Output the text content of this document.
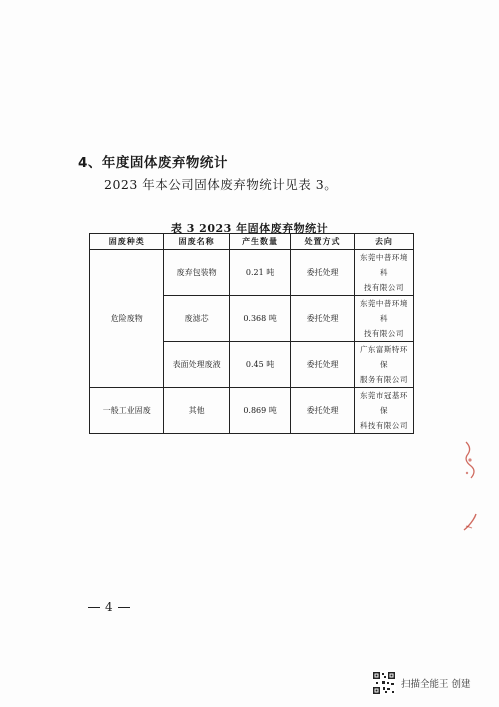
4、年度固体废弃物统计
2023 年本公司固体废弃物统计见表 3。
表 3 2023 年固体废弃物统计
固废种类	固废名称	产生数量	处置方式	去向
危险废物	废弃包装物	0.21 吨	委托处理	东莞中普环境科
技有限公司
	废滤芯	0.368 吨	委托处理	东莞中普环境科
技有限公司
	表面处理废液	0.45 吨	委托处理	广东富斯特环保
服务有限公司
一般工业固废	其他	0.869 吨	委托处理	东莞市冠基环保
科技有限公司
4
扫描全能王 创建
